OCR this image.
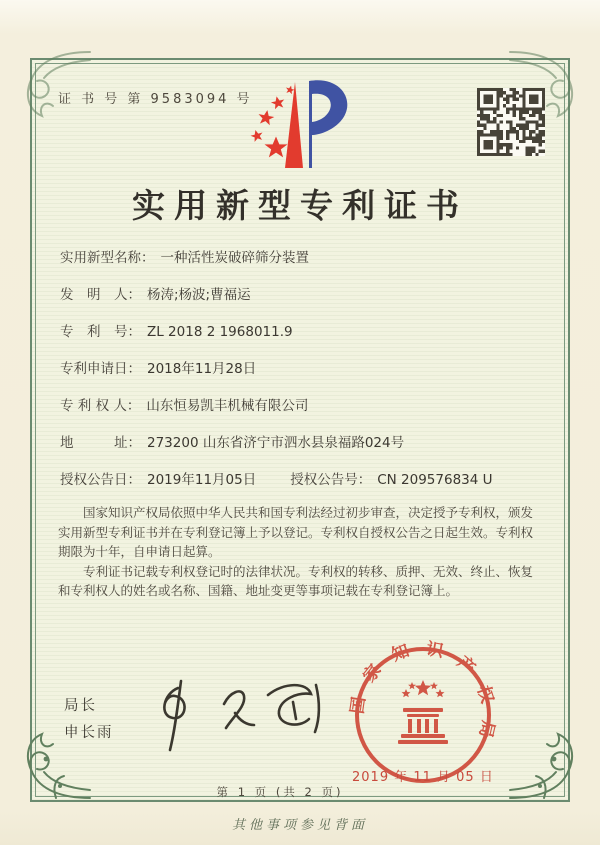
证 书 号 第 9583094 号
实用新型专利证书
实用新型名称： 一种活性炭破碎筛分装置
发　明　人： 杨涛;杨波;曹福运
专　利　号： ZL 2018 2 1968011.9
专利申请日： 2018年11月28日
专 利 权 人： 山东恒易凯丰机械有限公司
地　　　址： 273200 山东省济宁市泗水县泉福路024号
授权公告日： 2019年11月05日	授权公告号： CN 209576834 U

国家知识产权局依照中华人民共和国专利法经过初步审查，决定授予专利权，颁发实用新型专利证书并在专利登记簿上予以登记。专利权自授权公告之日起生效。专利权期限为十年，自申请日起算。

专利证书记载专利权登记时的法律状况。专利权的转移、质押、无效、终止、恢复和专利权人的姓名或名称、国籍、地址变更等事项记载在专利登记簿上。

局长
申长雨
国家知识产权局
2019 年 11 月 05 日
第 1 页 (共 2 页)
其他事项参见背面
